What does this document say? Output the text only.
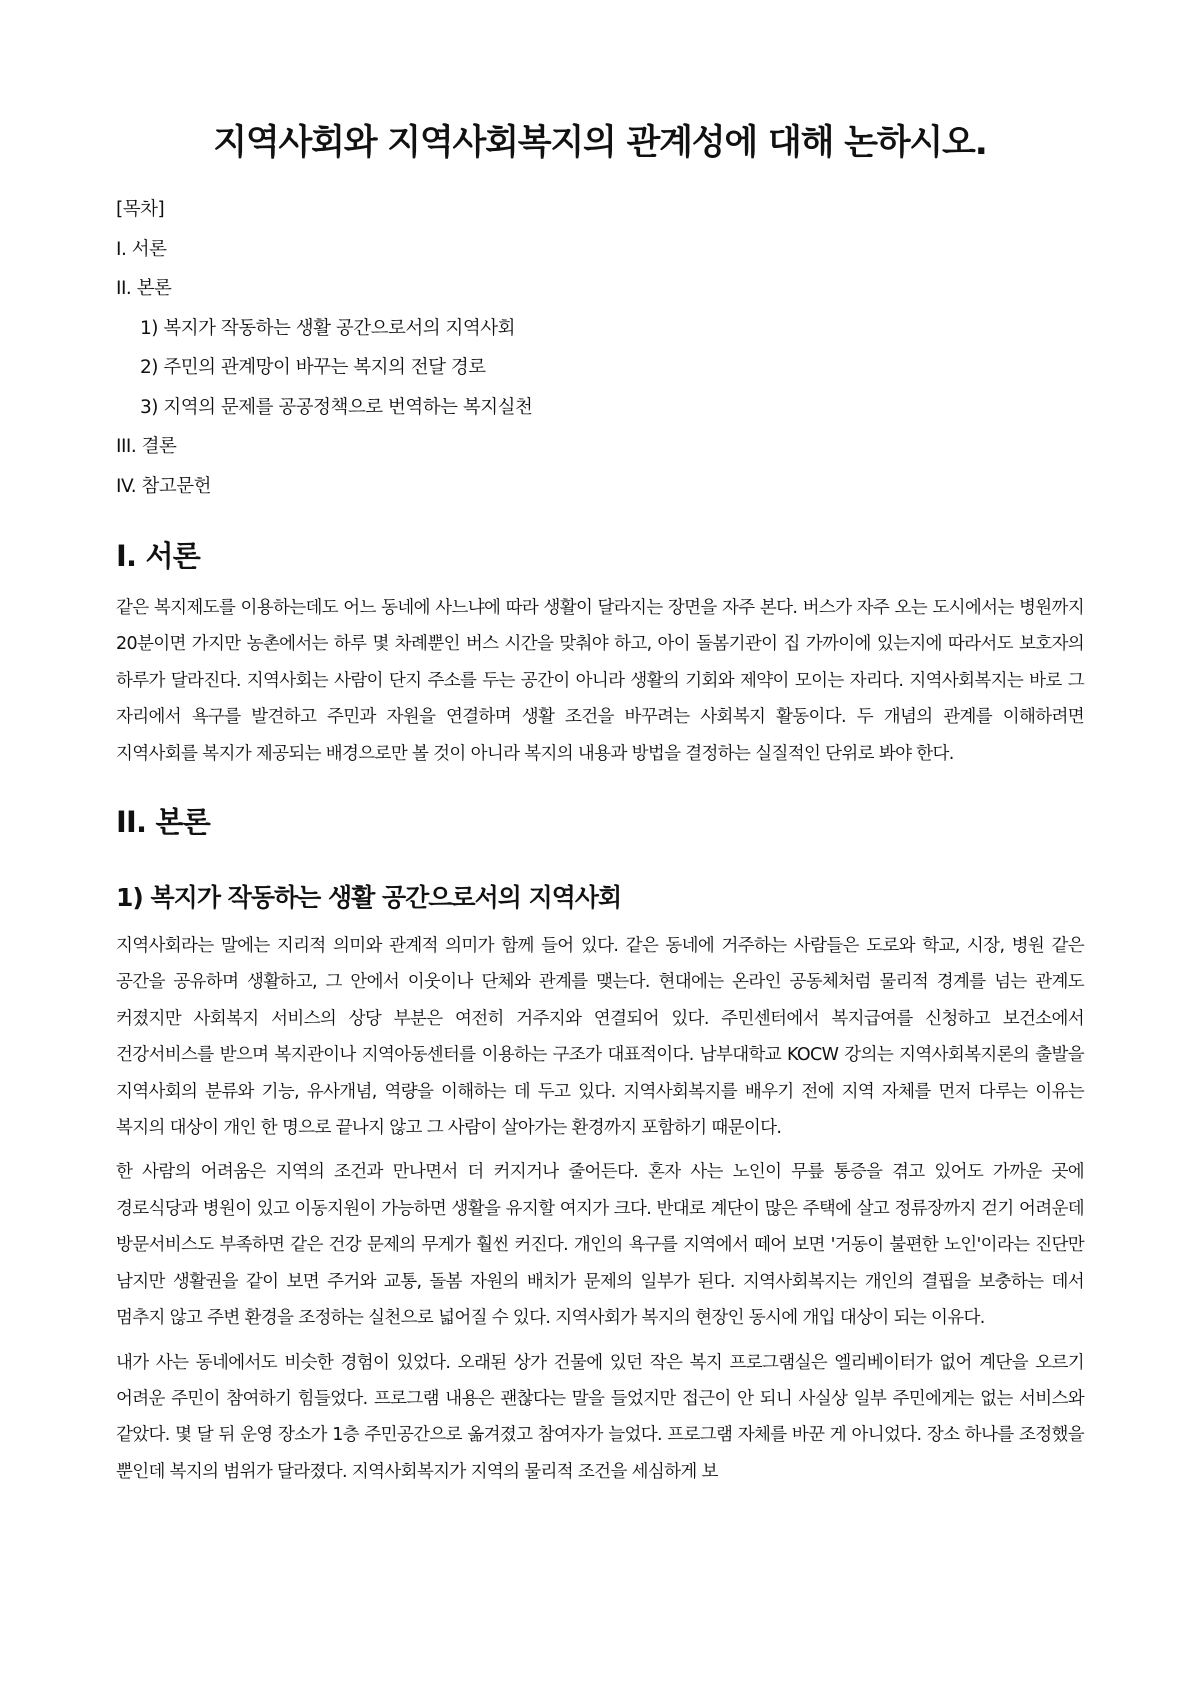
지역사회와 지역사회복지의 관계성에 대해 논하시오.
[목차]
I. 서론
II. 본론
1) 복지가 작동하는 생활 공간으로서의 지역사회
2) 주민의 관계망이 바꾸는 복지의 전달 경로
3) 지역의 문제를 공공정책으로 번역하는 복지실천
III. 결론
IV. 참고문헌
I. 서론

같은 복지제도를 이용하는데도 어느 동네에 사느냐에 따라 생활이 달라지는 장면을 자주 본다. 버스가 자주 오는 도시에서는 병원까지 20분이면 가지만 농촌에서는 하루 몇 차례뿐인 버스 시간을 맞춰야 하고, 아이 돌봄기관이 집 가까이에 있는지에 따라서도 보호자의 하루가 달라진다. 지역사회는 사람이 단지 주소를 두는 공간이 아니라 생활의 기회와 제약이 모이는 자리다. 지역사회복지는 바로 그 자리에서 욕구를 발견하고 주민과 자원을 연결하며 생활 조건을 바꾸려는 사회복지 활동이다. 두 개념의 관계를 이해하려면 지역사회를 복지가 제공되는 배경으로만 볼 것이 아니라 복지의 내용과 방법을 결정하는 실질적인 단위로 봐야 한다.

II. 본론
1) 복지가 작동하는 생활 공간으로서의 지역사회

지역사회라는 말에는 지리적 의미와 관계적 의미가 함께 들어 있다. 같은 동네에 거주하는 사람들은 도로와 학교, 시장, 병원 같은 공간을 공유하며 생활하고, 그 안에서 이웃이나 단체와 관계를 맺는다. 현대에는 온라인 공동체처럼 물리적 경계를 넘는 관계도 커졌지만 사회복지 서비스의 상당 부분은 여전히 거주지와 연결되어 있다. 주민센터에서 복지급여를 신청하고 보건소에서 건강서비스를 받으며 복지관이나 지역아동센터를 이용하는 구조가 대표적이다. 남부대학교 KOCW 강의는 지역사회복지론의 출발을 지역사회의 분류와 기능, 유사개념, 역량을 이해하는 데 두고 있다. 지역사회복지를 배우기 전에 지역 자체를 먼저 다루는 이유는 복지의 대상이 개인 한 명으로 끝나지 않고 그 사람이 살아가는 환경까지 포함하기 때문이다.

한 사람의 어려움은 지역의 조건과 만나면서 더 커지거나 줄어든다. 혼자 사는 노인이 무릎 통증을 겪고 있어도 가까운 곳에 경로식당과 병원이 있고 이동지원이 가능하면 생활을 유지할 여지가 크다. 반대로 계단이 많은 주택에 살고 정류장까지 걷기 어려운데 방문서비스도 부족하면 같은 건강 문제의 무게가 훨씬 커진다. 개인의 욕구를 지역에서 떼어 보면 '거동이 불편한 노인'이라는 진단만 남지만 생활권을 같이 보면 주거와 교통, 돌봄 자원의 배치가 문제의 일부가 된다. 지역사회복지는 개인의 결핍을 보충하는 데서 멈추지 않고 주변 환경을 조정하는 실천으로 넓어질 수 있다. 지역사회가 복지의 현장인 동시에 개입 대상이 되는 이유다.

내가 사는 동네에서도 비슷한 경험이 있었다. 오래된 상가 건물에 있던 작은 복지 프로그램실은 엘리베이터가 없어 계단을 오르기 어려운 주민이 참여하기 힘들었다. 프로그램 내용은 괜찮다는 말을 들었지만 접근이 안 되니 사실상 일부 주민에게는 없는 서비스와 같았다. 몇 달 뒤 운영 장소가 1층 주민공간으로 옮겨졌고 참여자가 늘었다. 프로그램 자체를 바꾼 게 아니었다. 장소 하나를 조정했을 뿐인데 복지의 범위가 달라졌다. 지역사회복지가 지역의 물리적 조건을 세심하게 보
